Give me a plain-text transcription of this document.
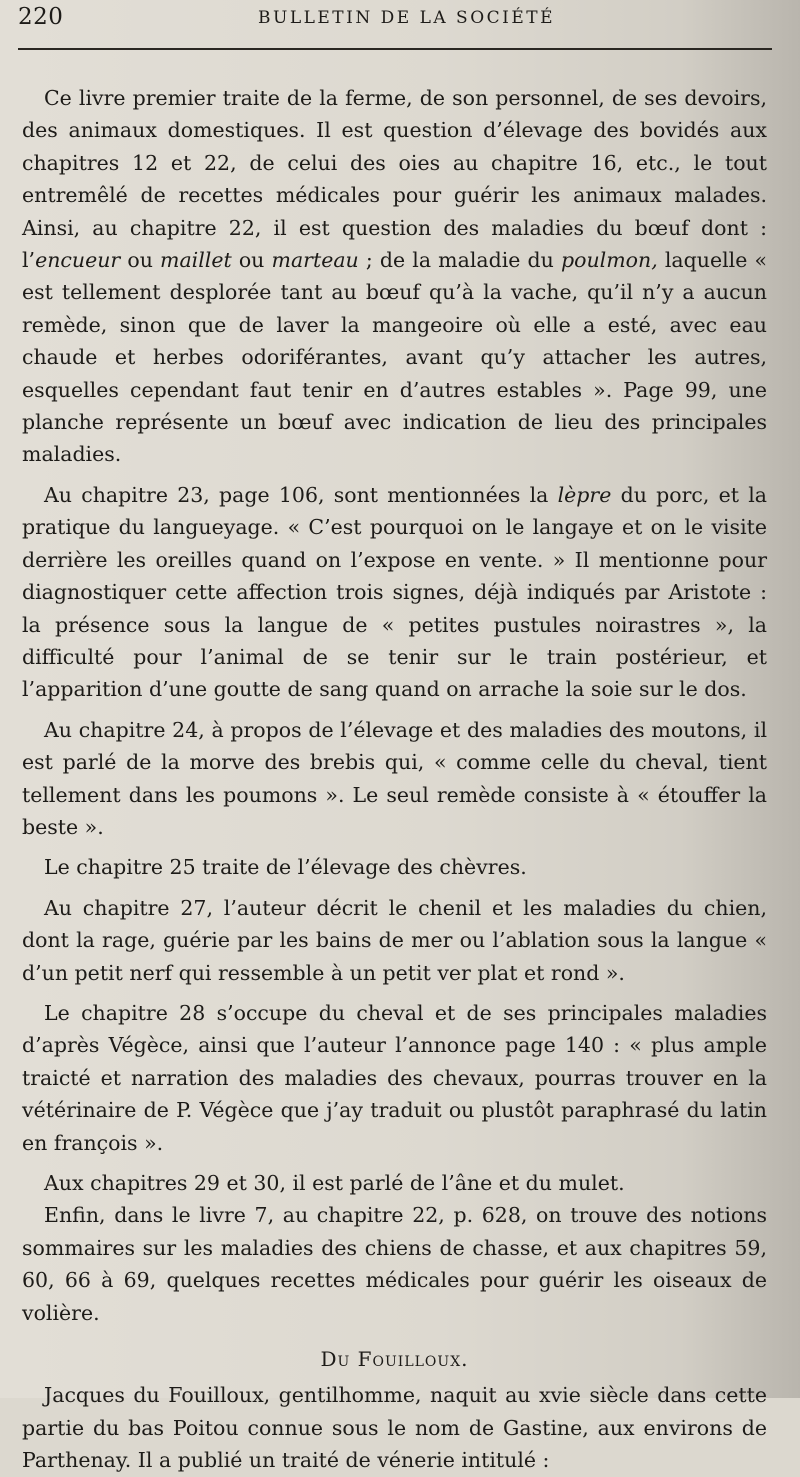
220	BULLETIN DE LA SOCIÉTÉ

Ce livre premier traite de la ferme, de son personnel, de ses devoirs, des animaux domestiques. Il est question d’élevage des bovidés aux chapitres 12 et 22, de celui des oies au chapitre 16, etc., le tout entremêlé de recettes médicales pour guérir les animaux malades. Ainsi, au chapitre 22, il est question des maladies du bœuf dont : l’encueur ou maillet ou marteau ; de la maladie du poulmon, laquelle « est tellement desplorée tant au bœuf qu’à la vache, qu’il n’y a aucun remède, sinon que de laver la mangeoire où elle a esté, avec eau chaude et herbes odoriférantes, avant qu’y attacher les autres, esquelles cependant faut tenir en d’autres estables ». Page 99, une planche représente un bœuf avec indication de lieu des principales maladies.

Au chapitre 23, page 106, sont mentionnées la lèpre du porc, et la pratique du langueyage. « C’est pourquoi on le langaye et on le visite derrière les oreilles quand on l’expose en vente. » Il mentionne pour diagnostiquer cette affection trois signes, déjà indiqués par Aristote : la présence sous la langue de « petites pustules noirastres », la difficulté pour l’animal de se tenir sur le train postérieur, et l’apparition d’une goutte de sang quand on arrache la soie sur le dos.

Au chapitre 24, à propos de l’élevage et des maladies des moutons, il est parlé de la morve des brebis qui, « comme celle du cheval, tient tellement dans les poumons ». Le seul remède consiste à « étouffer la beste ».

Le chapitre 25 traite de l’élevage des chèvres.

Au chapitre 27, l’auteur décrit le chenil et les maladies du chien, dont la rage, guérie par les bains de mer ou l’ablation sous la langue « d’un petit nerf qui ressemble à un petit ver plat et rond ».

Le chapitre 28 s’occupe du cheval et de ses principales maladies d’après Végèce, ainsi que l’auteur l’annonce page 140 : « plus ample traicté et narration des maladies des chevaux, pourras trouver en la vétérinaire de P. Végèce que j’ay traduit ou plustôt paraphrasé du latin en françois ».

Aux chapitres 29 et 30, il est parlé de l’âne et du mulet.

Enfin, dans le livre 7, au chapitre 22, p. 628, on trouve des notions sommaires sur les maladies des chiens de chasse, et aux chapitres 59, 60, 66 à 69, quelques recettes médicales pour guérir les oiseaux de volière.

Du Fouilloux.

Jacques du Fouilloux, gentilhomme, naquit au xvie siècle dans cette partie du bas Poitou connue sous le nom de Gastine, aux environs de Parthenay. Il a publié un traité de vénerie intitulé :
